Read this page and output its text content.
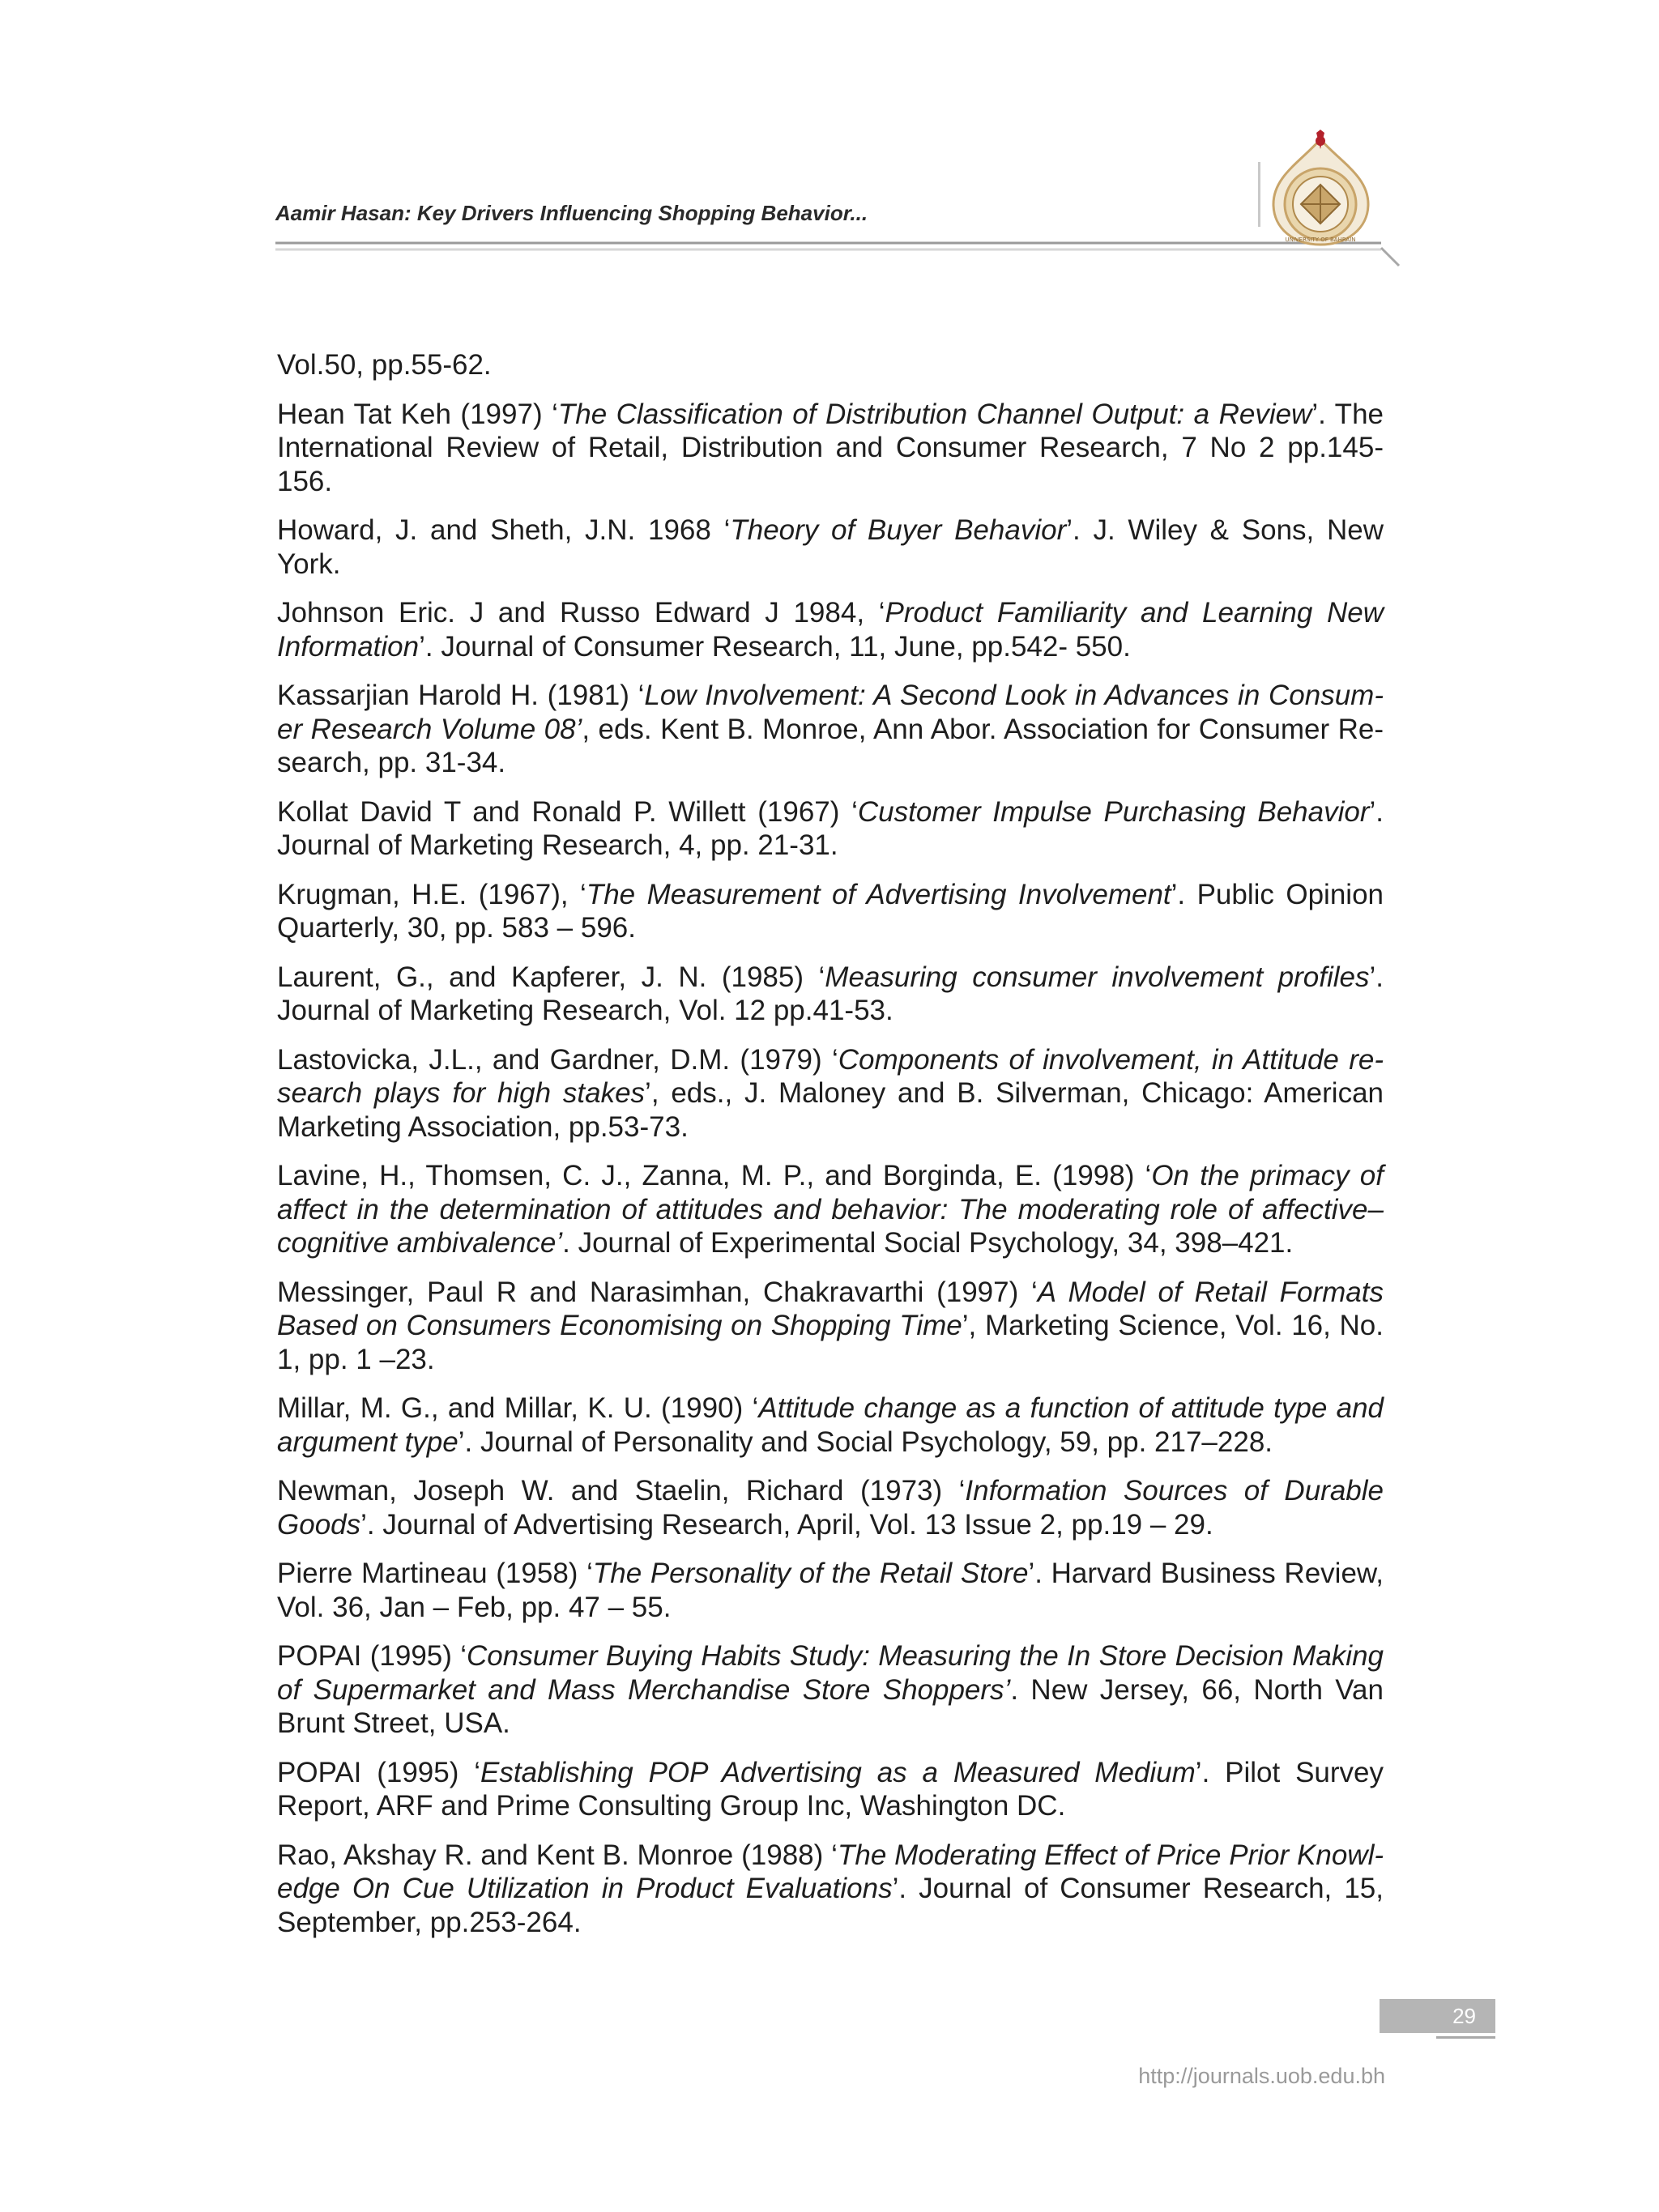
Aamir Hasan: Key Drivers Influencing Shopping Behavior...
UNIVERSITY OF BAHRAIN

Vol.50, pp.55-62.

Hean Tat Keh (1997) ‘The Classification of Distribution Channel Output: a Review’. The International Review of Retail, Distribution and Consumer Research, 7 No 2 pp.145-156.

Howard, J. and Sheth, J.N. 1968 ‘Theory of Buyer Behavior’. J. Wiley & Sons, New York.

Johnson Eric. J and Russo Edward J 1984, ‘Product Familiarity and Learning New Information’. Journal of Consumer Research, 11, June, pp.542- 550.

Kassarjian Harold H. (1981) ‘Low Involvement: A Second Look in Advances in Consumer Research Volume 08’, eds. Kent B. Monroe, Ann Abor. Association for Consumer Research, pp. 31-34.

Kollat David T and Ronald P. Willett (1967) ‘Customer Impulse Purchasing Behavior’. Journal of Marketing Research, 4, pp. 21-31.

Krugman, H.E. (1967), ‘The Measurement of Advertising Involvement’. Public Opinion Quarterly, 30, pp. 583 – 596.

Laurent, G., and Kapferer, J. N. (1985) ‘Measuring consumer involvement profiles’. Journal of Marketing Research, Vol. 12 pp.41-53.

Lastovicka, J.L., and Gardner, D.M. (1979) ‘Components of involvement, in Attitude research plays for high stakes’, eds., J. Maloney and B. Silverman, Chicago: American Marketing Association, pp.53-73.

Lavine, H., Thomsen, C. J., Zanna, M. P., and Borginda, E. (1998) ‘On the primacy of affect in the determination of attitudes and behavior: The moderating role of affective–cognitive ambivalence’. Journal of Experimental Social Psychology, 34, 398–421.

Messinger, Paul R and Narasimhan, Chakravarthi (1997) ‘A Model of Retail Formats Based on Consumers Economising on Shopping Time’, Marketing Science, Vol. 16, No. 1, pp. 1 –23.

Millar, M. G., and Millar, K. U. (1990) ‘Attitude change as a function of attitude type and argument type’. Journal of Personality and Social Psychology, 59, pp. 217–228.

Newman, Joseph W. and Staelin, Richard (1973) ‘Information Sources of Durable Goods’. Journal of Advertising Research, April, Vol. 13 Issue 2, pp.19 – 29.

Pierre Martineau (1958) ‘The Personality of the Retail Store’. Harvard Business Review, Vol. 36, Jan – Feb, pp. 47 – 55.

POPAI (1995) ‘Consumer Buying Habits Study: Measuring the In Store Decision Making of Supermarket and Mass Merchandise Store Shoppers’. New Jersey, 66, North Van Brunt Street, USA.

POPAI (1995) ‘Establishing POP Advertising as a Measured Medium’. Pilot Survey Report, ARF and Prime Consulting Group Inc, Washington DC.

Rao, Akshay R. and Kent B. Monroe (1988) ‘The Moderating Effect of Price Prior Knowledge On Cue Utilization in Product Evaluations’. Journal of Consumer Research, 15, September, pp.253-264.

29
http://journals.uob.edu.bh
